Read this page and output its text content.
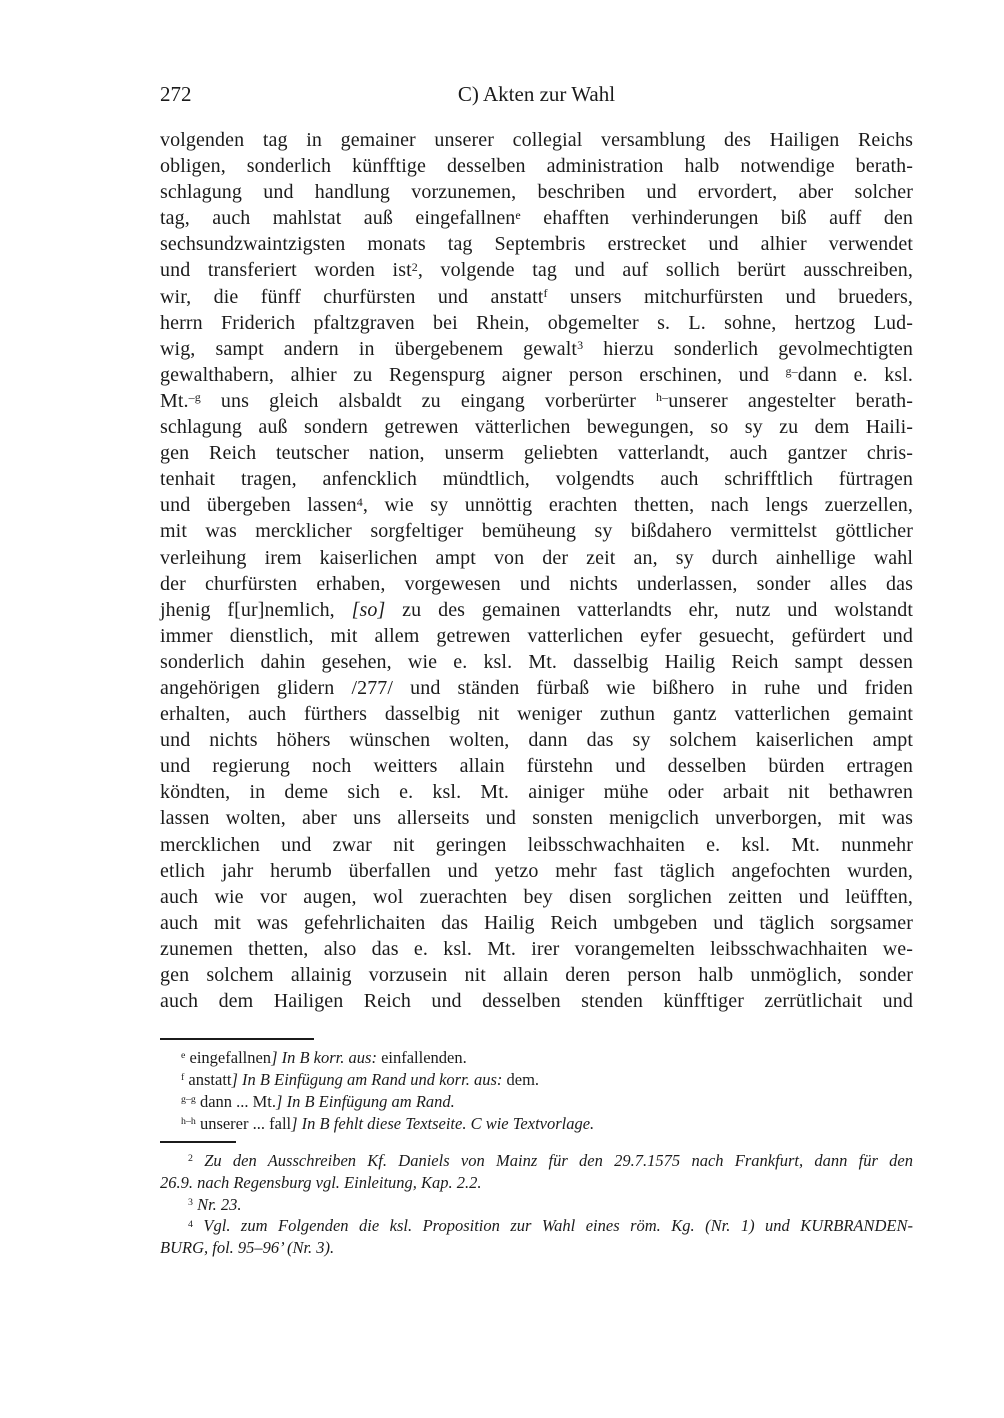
272	C) Akten zur Wahl
volgenden tag in gemainer unserer collegial versamblung des Hailigen Reichs
obligen, sonderlich künfftige desselben administration halb notwendige berath-
schlagung und handlung vorzunemen, beschriben und ervordert, aber solcher
tag, auch mahlstat auß eingefallnen$^e$ ehafften verhinderungen biß auff den
sechsundzwaintzigsten monats tag Septembris erstrecket und alhier verwendet
und transferiert worden ist$^2$, volgende tag und auf sollich berürt ausschreiben,
wir, die fünff churfürsten und anstatt$^f$ unsers mitchurfürsten und brueders,
herrn Friderich pfaltzgraven bei Rhein, obgemelter s. L. sohne, hertzog Lud-
wig, sampt andern in übergebenem gewalt$^3$ hierzu sonderlich gevolmechtigten
gewalthabern, alhier zu Regenspurg aigner person erschinen, und $^{g-}$dann e. ksl.
Mt.$^{-g}$ uns gleich alsbaldt zu eingang vorberürter $^{h-}$unserer angestelter berath-
schlagung auß sondern getrewen vätterlichen bewegungen, so sy zu dem Haili-
gen Reich teutscher nation, unserm geliebten vatterlandt, auch gantzer chris-
tenhait tragen, anfencklich mündtlich, volgendts auch schrifftlich fürtragen
und übergeben lassen$^4$, wie sy unnöttig erachten thetten, nach lengs zuerzellen,
mit was mercklicher sorgfeltiger bemüheung sy bißdahero vermittelst göttlicher
verleihung irem kaiserlichen ampt von der zeit an, sy durch ainhellige wahl
der churfürsten erhaben, vorgewesen und nichts underlassen, sonder alles das
jhenig f[ur]nemlich, [so] zu des gemainen vatterlandts ehr, nutz und wolstandt
immer dienstlich, mit allem getrewen vatterlichen eyfer gesuecht, gefürdert und
sonderlich dahin gesehen, wie e. ksl. Mt. dasselbig Hailig Reich sampt dessen
angehörigen glidern /277/ und ständen fürbaß wie bißhero in ruhe und friden
erhalten, auch fürthers dasselbig nit weniger zuthun gantz vatterlichen gemaint
und nichts höhers wünschen wolten, dann das sy solchem kaiserlichen ampt
und regierung noch weitters allain fürstehn und desselben bürden ertragen
köndten, in deme sich e. ksl. Mt. ainiger mühe oder arbait nit bethawren
lassen wolten, aber uns allerseits und sonsten menigclich unverborgen, mit was
mercklichen und zwar nit geringen leibsschwachhaiten e. ksl. Mt. nunmehr
etlich jahr herumb überfallen und yetzo mehr fast täglich angefochten wurden,
auch wie vor augen, wol zuerachten bey disen sorglichen zeitten und leüfften,
auch mit was gefehrlichaiten das Hailig Reich umbgeben und täglich sorgsamer
zunemen thetten, also das e. ksl. Mt. irer vorangemelten leibsschwachhaiten we-
gen solchem allainig vorzusein nit allain deren person halb unmöglich, sonder
auch dem Hailigen Reich und desselben stenden künfftiger zerrütlichait und
$^e$ eingefallnen] In B korr. aus: einfallenden.
$^f$ anstatt] In B Einfügung am Rand und korr. aus: dem.
$^{g-g}$ dann ... Mt.] In B Einfügung am Rand.
$^{h-h}$ unserer ... fall] In B fehlt diese Textseite. C wie Textvorlage.
$^2$ Zu den Ausschreiben Kf. Daniels von Mainz für den 29.7.1575 nach Frankfurt, dann für den
26.9. nach Regensburg vgl. Einleitung, Kap. 2.2.
$^3$ Nr. 23.
$^4$ Vgl. zum Folgenden die ksl. Proposition zur Wahl eines röm. Kg. (Nr. 1) und KURBRANDEN-
BURG, fol. 95–96’ (Nr. 3).
